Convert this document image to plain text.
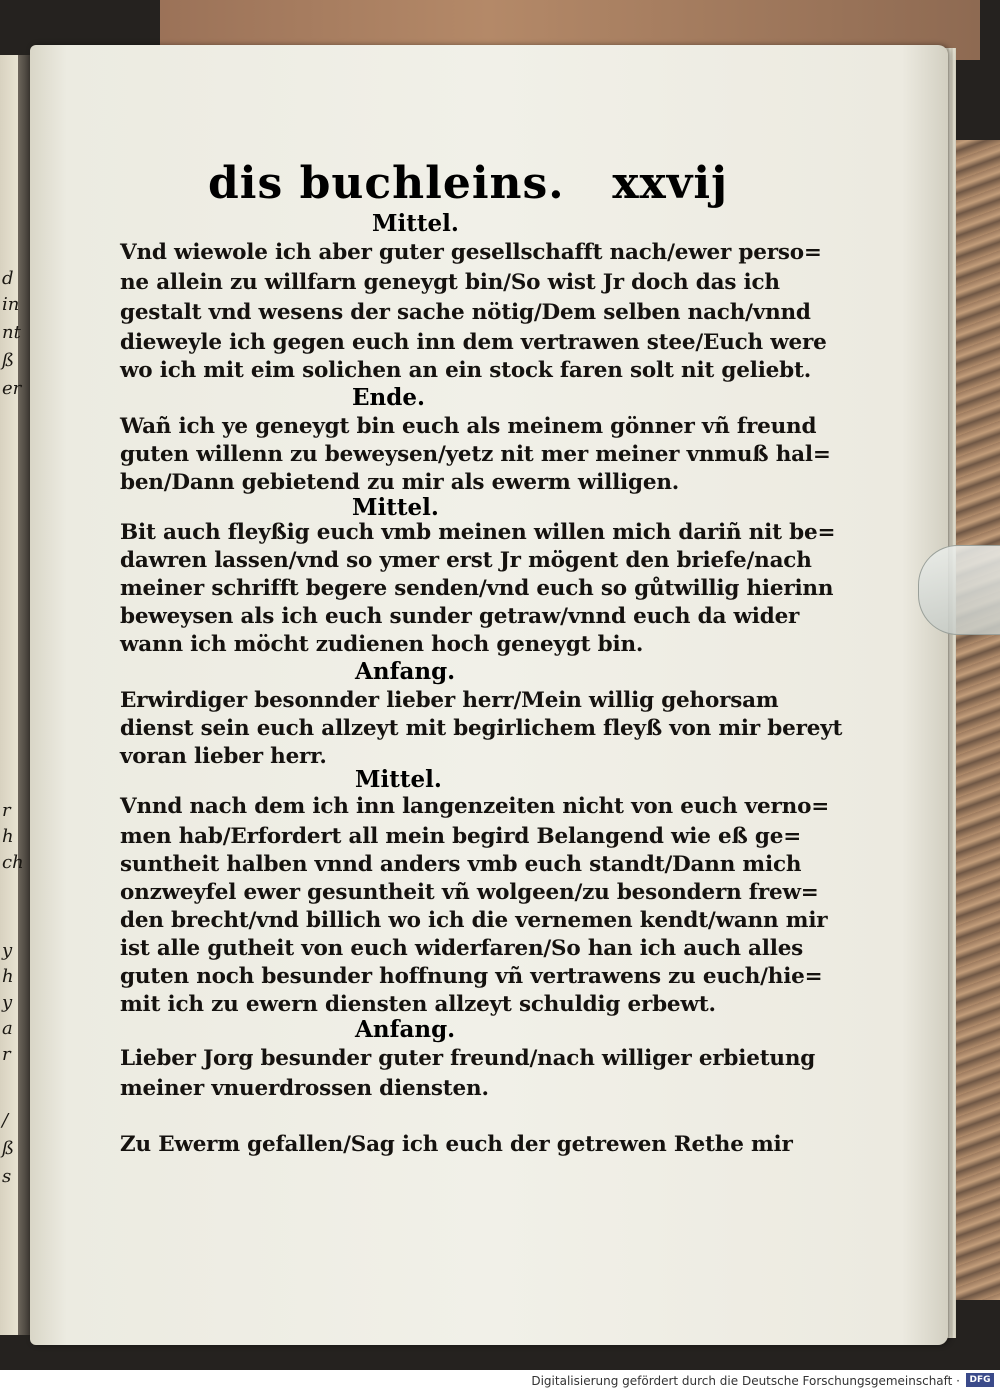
d
in
nt
ß
er
r
h
ch
y
h
y
a
r
/
ß
s
dis buchleins. xxvij
Mittel.
Vnd wiewole ich aber guter gesellschafft nach/ewer perso=
ne allein zu willfarn geneygt bin/So wist Jr doch das ich
gestalt vnd wesens der sache nötig/Dem selben nach/vnnd
dieweyle ich gegen euch inn dem vertrawen stee/Euch were
wo ich mit eim solichen an ein stock faren solt nit geliebt.
Ende.
Wañ ich ye geneygt bin euch als meinem gönner vñ freund
guten willenn zu beweysen/yetz nit mer meiner vnmuß hal=
ben/Dann gebietend zu mir als ewerm willigen.
Mittel.
Bit auch fleyßig euch vmb meinen willen mich dariñ nit be=
dawren lassen/vnd so ymer erst Jr mögent den briefe/nach
meiner schrifft begere senden/vnd euch so gůtwillig hierinn
beweysen als ich euch sunder getraw/vnnd euch da wider
wann ich möcht zudienen hoch geneygt bin.
Anfang.
Erwirdiger besonnder lieber herr/Mein willig gehorsam
dienst sein euch allzeyt mit begirlichem fleyß von mir bereyt
voran lieber herr.
Mittel.
Vnnd nach dem ich inn langenzeiten nicht von euch verno=
men hab/Erfordert all mein begird Belangend wie eß ge=
suntheit halben vnnd anders vmb euch standt/Dann mich
onzweyfel ewer gesuntheit vñ wolgeen/zu besondern frew=
den brecht/vnd billich wo ich die vernemen kendt/wann mir
ist alle gutheit von euch widerfaren/So han ich auch alles
guten noch besunder hoffnung vñ vertrawens zu euch/hie=
mit ich zu ewern diensten allzeyt schuldig erbewt.
Anfang.
Lieber Jorg besunder guter freund/nach williger erbietung
meiner vnuerdrossen diensten.
Zu Ewerm gefallen/Sag ich euch der getrewen Rethe mir
Digitalisierung gefördert durch die Deutsche Forschungsgemeinschaft ·	DFG
